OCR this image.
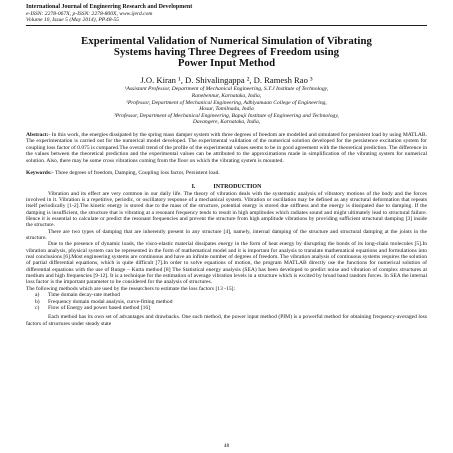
International Journal of Engineering Research and Development
e-ISSN: 2278-067X, p-ISSN: 2278-800X, www.ijerd.com
Volume 10, Issue 5 (May 2014), PP.48-55
Experimental Validation of Numerical Simulation of Vibrating
Systems having Three Degrees of Freedom using
Power Input Method
J.O. Kiran ¹, D. Shivalingappa ², D. Ramesh Rao ³
¹Assistant Professor, Department of Mechanical Engineering, S.T.J Institute of Technology,
Ranebennur, Karnataka, India,
²Professor, Department of Mechanical Engineering, Adhiyamaan College of Engineering,
Hosur, Tamilnadu, India
³Professor, Department of Mechanical Engineering, Bapuji Institute of Engineering and Technology,
Davangere, Karnataka, India,
Abstract:- In this work, the energies dissipated by the spring mass damper system with three degrees of freedom are modelled and simulated for persistent load by using MATLAB. The experimentation is carried out for the numerical model developed. The experimental validation of the numerical solution developed for the persistence excitation system for coupling loss factor of 0.075 is compared.The overall trend of the profile of the experimental values seems to be in good agreement with the theoretical prediction. The difference in the values between the theoretical prediction and the experimental values can be attributed to the approximations made in simplification of the vibrating system for numerical solution. Also, there may be some cross vibrations coming from the floor on which the vibrating system is mounted.
Keywords:- Three degrees of freedom, Damping, Coupling loss factor, Persistent load.
I.            INTRODUCTION

Vibration and its effect are very common in our daily life. The theory of vibration deals with the systematic analysis of vibratory motions of the body and the forces involved in it. Vibration is a repetitive, periodic, or oscillatory response of a mechanical system. Vibration or oscillation may be defined as any structural deformation that repeats itself periodically [1-2].The kinetic energy is stored due to the mass of the structure, potential energy is stored due stiffness and the energy is dissipated due to damping. If the damping is insufficient, the structure that is vibrating at a resonant frequency tends to result in high amplitudes which radiates sound and might ultimately lead to structural failure. Hence it is essential to calculate or predict the resonant frequencies and prevent the structure from high amplitude vibrations by providing sufficient structural damping [3] inside the structure.

There are two types of damping that are inherently present in any structure [4], namely, internal damping of the structure and structural damping at the joints in the structure.

Due to the presence of dynamic loads, the visco-elastic material dissipates energy in the form of heat energy by disrupting the bonds of its long-chain molecules [5].In vibration analysis, physical system can be represented in the form of mathematical model and it is important for analysis to translate mathematical equations and formulations into real conclusions [6].Most engineering systems are continuous and have an infinite number of degrees of freedom. The vibration analysis of continuous systems requires the solution of partial differential equations, which is quite difficult [7].In order to solve equations of motion, the program MATLAB directly use the functions for numerical solution of differential equations with the use of Runge – Kutta method [8] The Statistical energy analysis (SEA) has been developed to predict noise and vibration of complex structures at medium and high frequencies [9-12]. It is a technique for the estimation of average vibration levels in a structure which is excited by broad band random forces. In SEA the internal loss factor is the important parameter to be considered for the analysis of structures.

The following methods which are used by the researchers to estimate the loss factors [13 -15]:

a)	Time domain decay-rate method
b)	Frequency domain modal analysis, curve-fitting method
c)	Flow of Energy and power based method [16]

Each method has its own set of advantages and drawbacks. One such method, the power input method (PIM) is a powerful method for obtaining frequency-averaged loss factors of structures under steady state

48
